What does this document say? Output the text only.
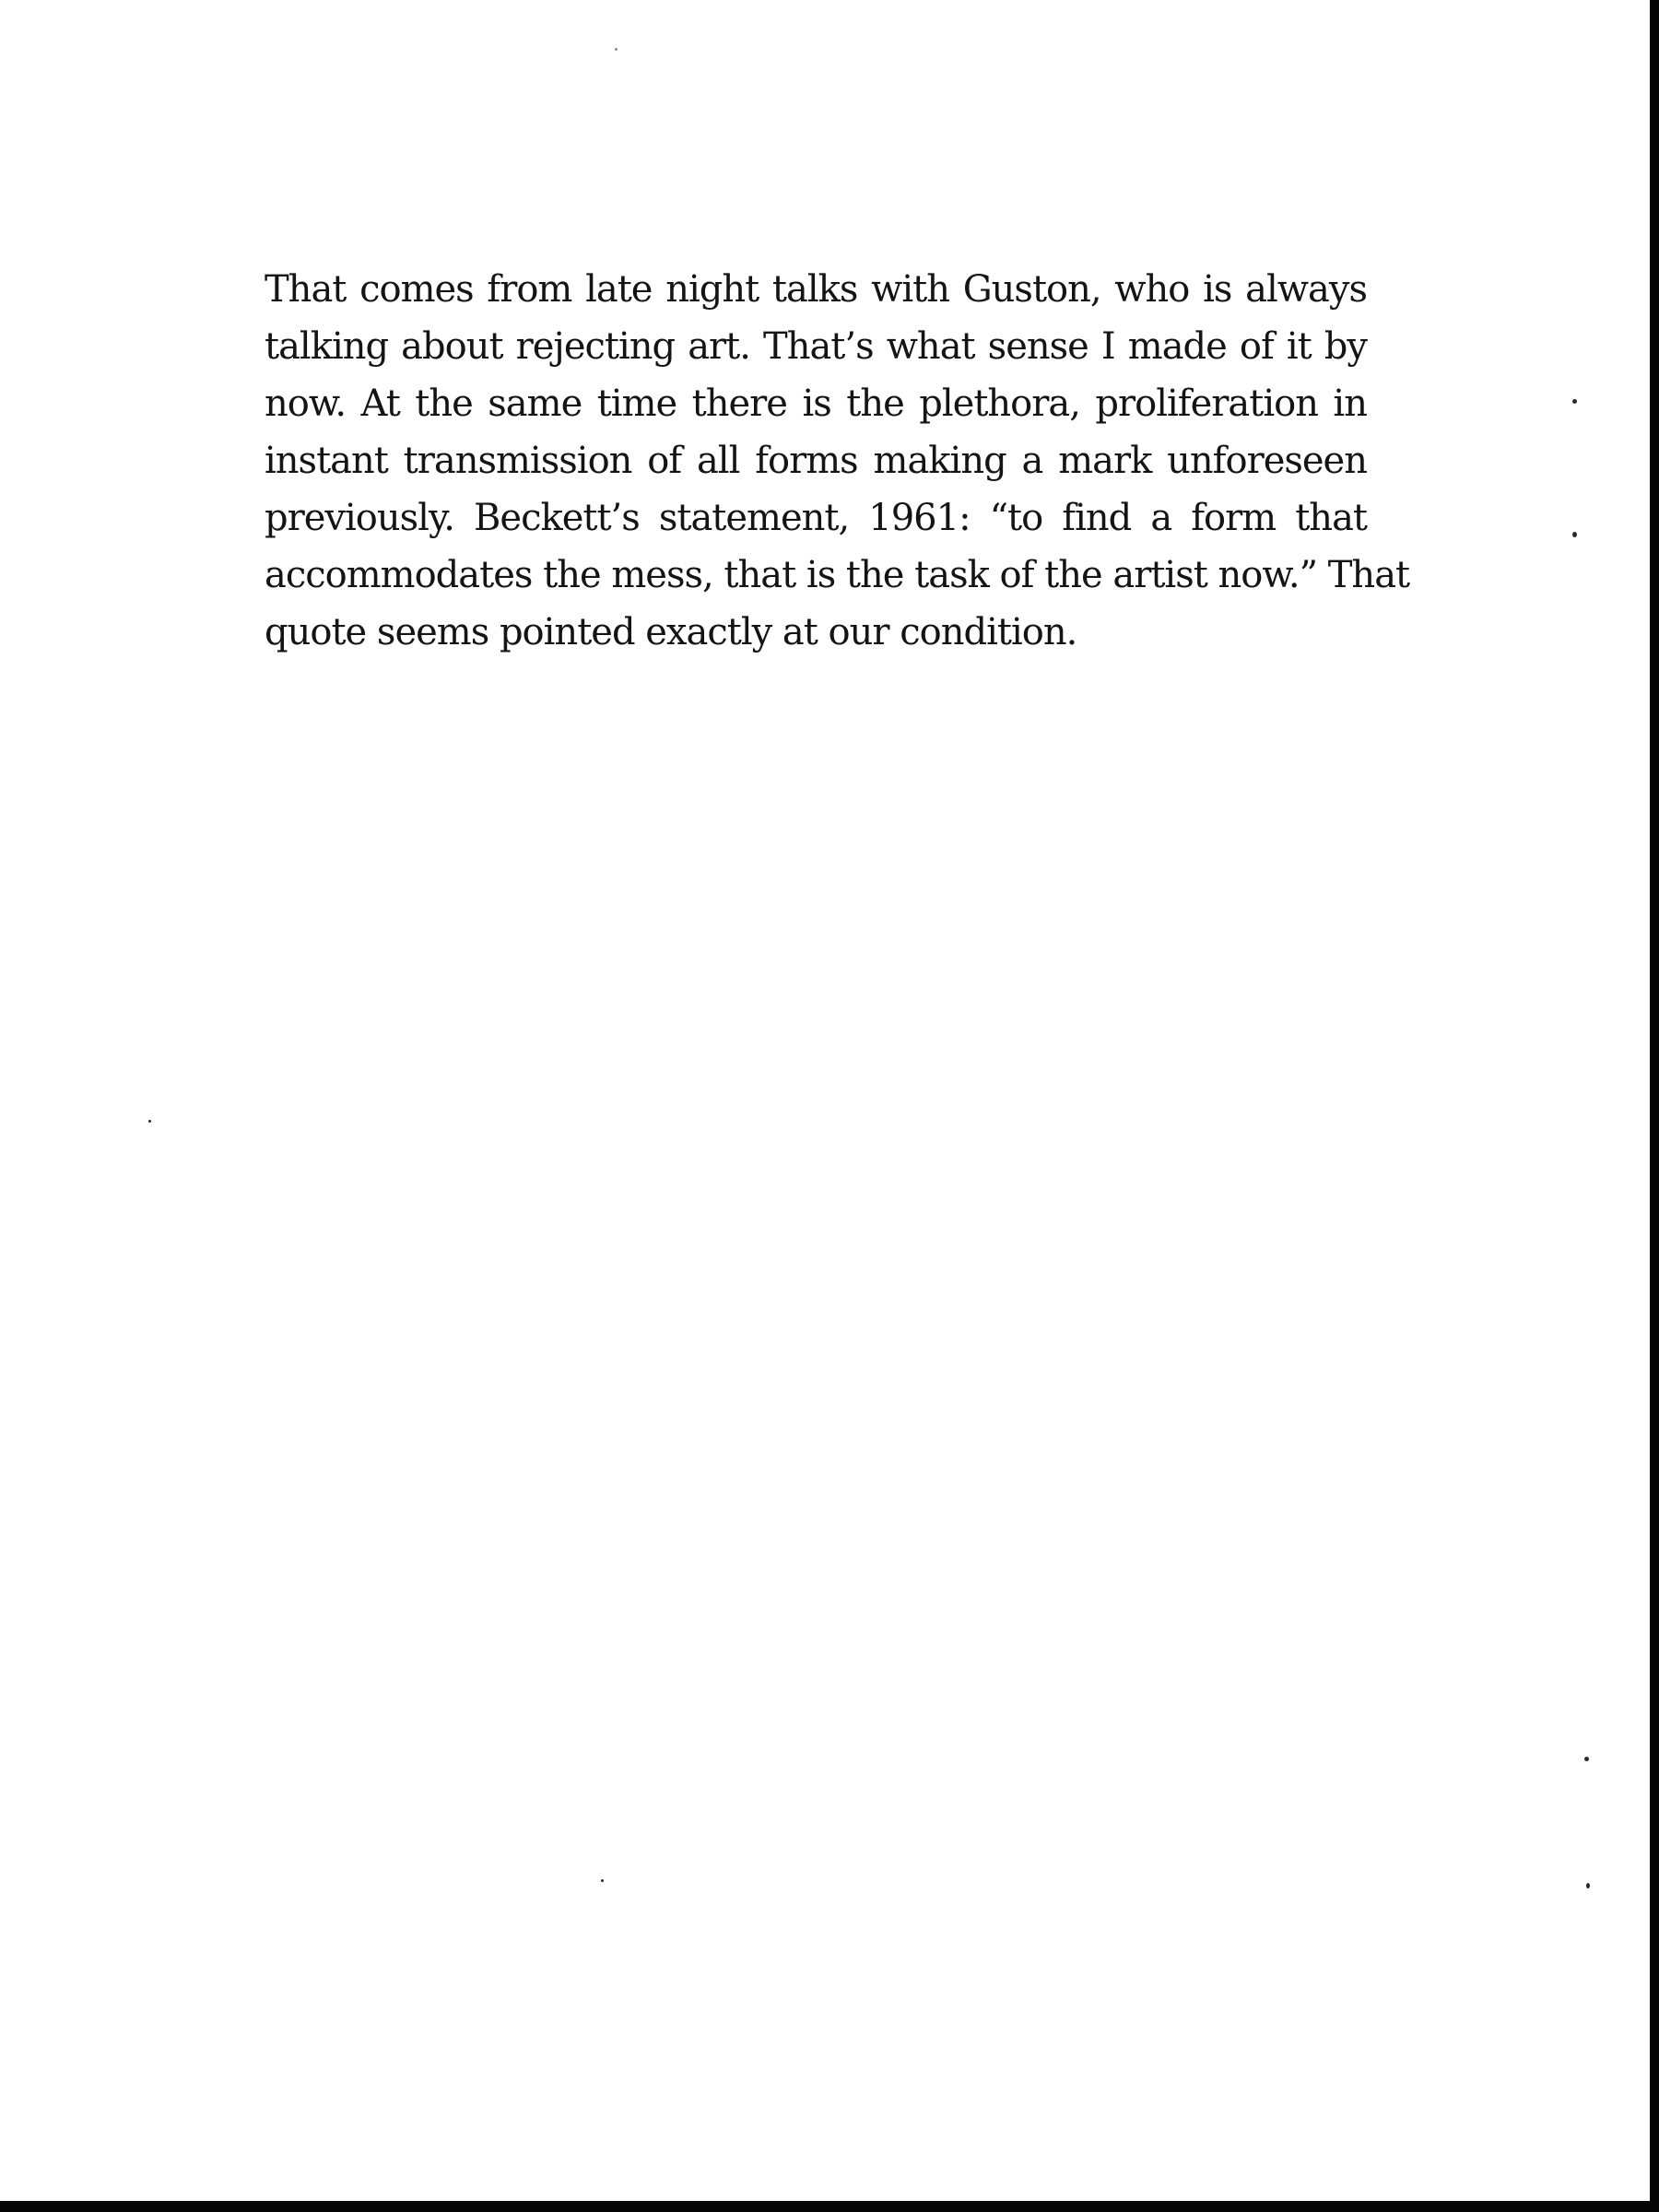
That comes from late night talks with Guston, who is always
talking about rejecting art. That’s what sense I made of it by
now. At the same time there is the plethora, proliferation in
instant transmission of all forms making a mark unforeseen
previously. Beckett’s statement, 1961: “to find a form that
accommodates the mess, that is the task of the artist now.” That
quote seems pointed exactly at our condition.
